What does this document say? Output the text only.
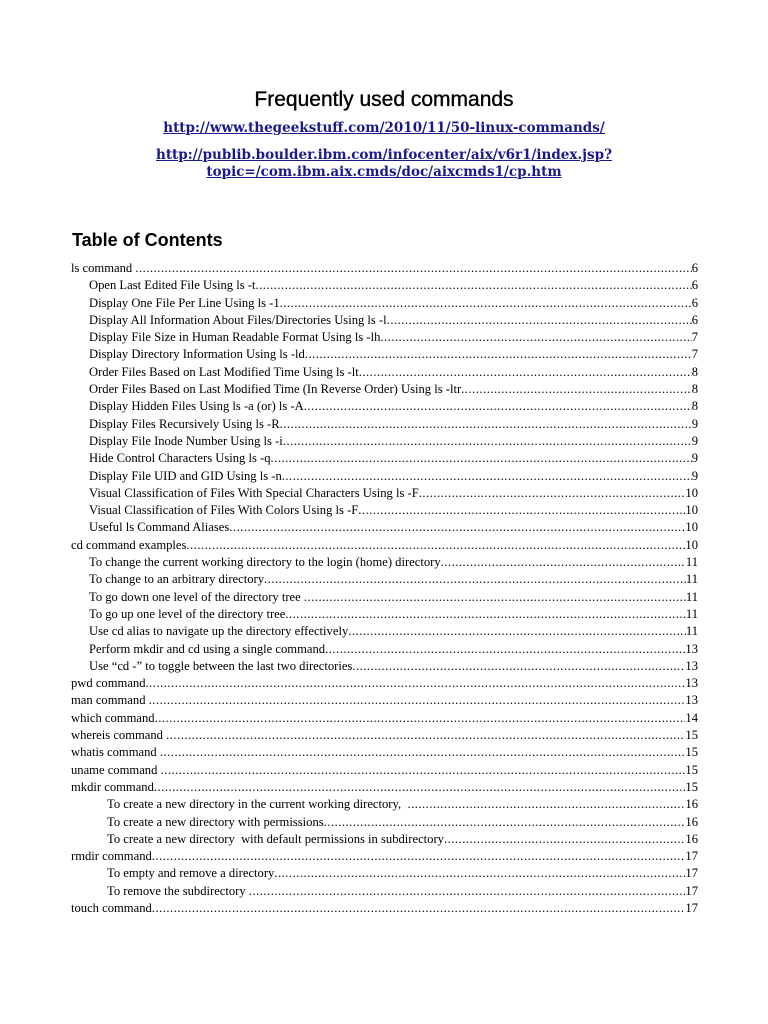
Frequently used commands
http://www.thegeekstuff.com/2010/11/50-linux-commands/
http://publib.boulder.ibm.com/infocenter/aix/v6r1/index.jsp?
topic=/com.ibm.aix.cmds/doc/aixcmds1/cp.htm
Table of Contents
ls command .....	6
Open Last Edited File Using ls -t .....	6
Display One File Per Line Using ls -1 .....	6
Display All Information About Files/Directories Using ls -l .....	6
Display File Size in Human Readable Format Using ls -lh .....	7
Display Directory Information Using ls -ld .....	7
Order Files Based on Last Modified Time Using ls -lt .....	8
Order Files Based on Last Modified Time (In Reverse Order) Using ls -ltr .....	8
Display Hidden Files Using ls -a (or) ls -A .....	8
Display Files Recursively Using ls -R .....	9
Display File Inode Number Using ls -i .....	9
Hide Control Characters Using ls -q .....	9
Display File UID and GID Using ls -n .....	9
Visual Classification of Files With Special Characters Using ls -F .....	10
Visual Classification of Files With Colors Using ls -F .....	10
Useful ls Command Aliases .....	10
cd command examples .....	10
To change the current working directory to the login (home) directory .....	11
To change to an arbitrary directory .....	11
To go down one level of the directory tree .....	11
To go up one level of the directory tree .....	11
Use cd alias to navigate up the directory effectively .....	11
Perform mkdir and cd using a single command .....	13
Use “cd -” to toggle between the last two directories .....	13
pwd command .....	13
man command .....	13
which command .....	14
whereis command .....	15
whatis command .....	15
uname command .....	15
mkdir command .....	15
To create a new directory in the current working directory, .....	16
To create a new directory with permissions .....	16
To create a new directory  with default permissions in subdirectory .....	16
rmdir command .....	17
To empty and remove a directory .....	17
To remove the subdirectory .....	17
touch command .....	17
